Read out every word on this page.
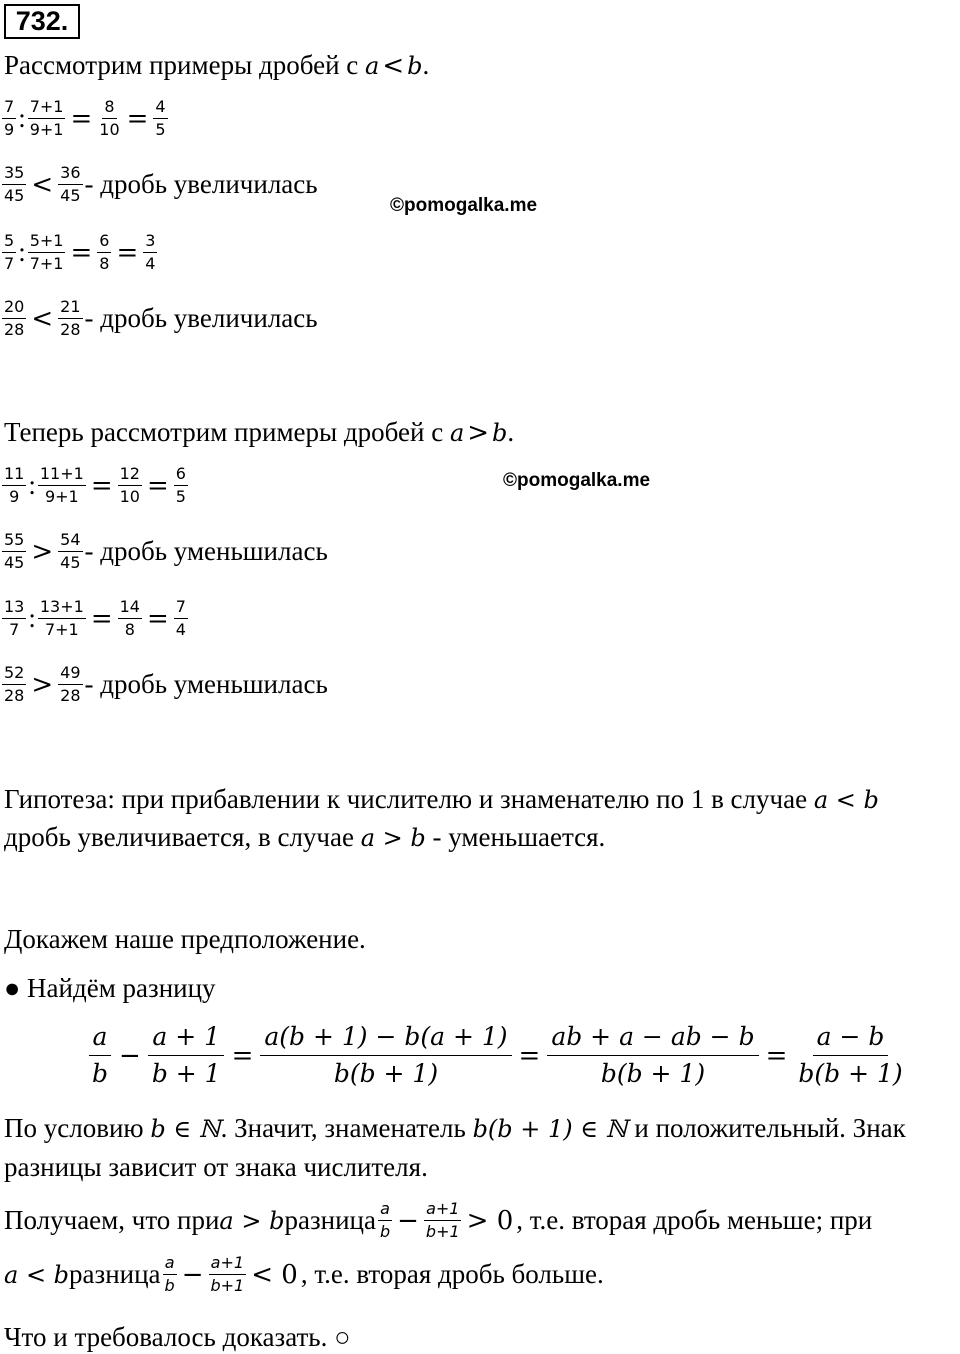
732.
Рассмотрим примеры дробей с a < b.
$\frac{7}{9}$ : $\frac{7+1}{9+1} = \frac{8}{10} = \frac{4}{5}$
$\frac{35}{45} < \frac{36}{45}$ - дробь увеличилась
©pomogalka.me
$\frac{5}{7}$ : $\frac{5+1}{7+1} = \frac{6}{8} = \frac{3}{4}$
$\frac{20}{28} < \frac{21}{28}$ - дробь увеличилась
Теперь рассмотрим примеры дробей с a > b.
©pomogalka.me
$\frac{11}{9}$ : $\frac{11+1}{9+1} = \frac{12}{10} = \frac{6}{5}$
$\frac{55}{45} > \frac{54}{45}$ - дробь уменьшилась
$\frac{13}{7}$ : $\frac{13+1}{7+1} = \frac{14}{8} = \frac{7}{4}$
$\frac{52}{28} > \frac{49}{28}$ - дробь уменьшилась
Гипотеза: при прибавлении к числителю и знаменателю по 1 в случае a < b
дробь увеличивается, в случае a > b - уменьшается.
Докажем наше предположение.
● Найдём разницу
$\frac{a}{b} - \frac{a + 1}{b + 1} = \frac{a(b + 1) - b(a + 1)}{b(b + 1)} = \frac{ab + a - ab - b}{b(b + 1)} = \frac{a - b}{b(b + 1)}$
По условию b ∈ ℕ. Значит, знаменатель b(b + 1) ∈ ℕ и положительный. Знак
разницы зависит от знака числителя.
Получаем, что при a > b разница $\frac{a}{b} - \frac{a+1}{b+1} > 0$ , т.е. вторая дробь меньше; при
a < b разница $\frac{a}{b} - \frac{a+1}{b+1} < 0$ , т.е. вторая дробь больше.
Что и требовалось доказать. ○
